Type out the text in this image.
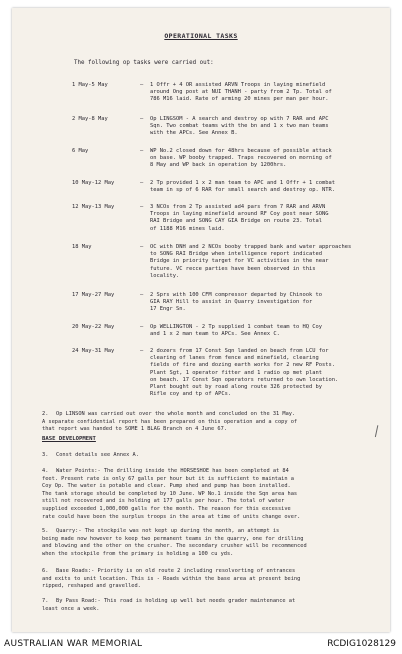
OPERATIONAL TASKS
The following op tasks were carried out:
1 May-5 May	– 1 Offr + 4 OR assisted ARVN Troops in laying minefield
around Ong post at NUI THANH - party from 2 Tp. Total of
786 M16 laid. Rate of arming 20 mines per man per hour.
2 May-8 May	– Op LINGSOM - A search and destroy op with 7 RAR and APC
Sqn. Two combat teams with the bn and 1 x two man teams
with the APCs. See Annex B.
6 May	– WP No.2 closed down for 48hrs because of possible attack
on base. WP booby trapped. Traps recovered on morning of
8 May and WP back in operation by 1200hrs.
10 May-12 May	– 2 Tp provided 1 x 2 man team to APC and 1 Offr + 1 combat
team in sp of 6 RAR for small search and destroy op. NTR.
12 May-13 May	– 3 NCOs from 2 Tp assisted ad4 pars from 7 RAR and ARVN
Troops in laying minefield around RF Coy post near SONG
RAI Bridge and SONG CAY GIA Bridge on route 23. Total
of 1188 M16 mines laid.
18 May	– OC with DNH and 2 NCOs booby trapped bank and water approaches
to SONG RAI Bridge when intelligence report indicated
Bridge in priority target for VC activities in the near
future. VC recce parties have been observed in this
locality.
17 May-27 May	– 2 Sprs with 100 CFM compressor departed by Chinook to
GIA RAY Hill to assist in Quarry investigation for
17 Engr Sn.
20 May-22 May	– Op WELLINGTON - 2 Tp supplied 1 combat team to HQ Coy
and 1 x 2 man team to APCs. See Annex C.
24 May-31 May	– 2 dozers from 17 Const Sqn landed on beach from LCU for
clearing of lanes from fence and minefield, clearing
fields of fire and dozing earth works for 2 new RF Posts.
Plant Sgt, 1 operator fitter and 1 radio op met plant
on beach. 17 Const Sqn operators returned to own location.
Plant bought out by road along route 326 protected by
Rifle coy and tp of APCs.
Op LINSON was carried out over the whole month and concluded on the 31 May.
A separate confidential report has been prepared on this operation and a copy of
that report was handed to SOME 1 BLAG Branch on 4 June 67.
2.
BASE DEVELOPMENT
Const details see Annex A.
3.
Water Points:- The drilling inside the HORSESHOE has been completed at 84
feet. Present rate is only 67 galls per hour but it is sufficient to maintain a
Coy Op. The water is potable and clear. Pump shed and pump has been installed.
The tank storage should be completed by 10 June. WP No.1 inside the Sqn area has
still not recovered and is holding at 177 galls per hour. The total of water
supplied exceeded 1,000,000 galls for the month. The reason for this excessive
rate could have been the surplus troops in the area at time of units change over.
4.
Quarry:- The stockpile was not kept up during the month, an attempt is
being made now however to keep two permanent teams in the quarry, one for drilling
and blowing and the other on the crusher. The secondary crusher will be recommenced
when the stockpile from the primary is holding a 100 cu yds.
5.
Base Roads:- Priority is on old route 2 including resolvorting of entrances
and exits to unit location. This is - Roads within the base area at present being
ripped, reshaped and gravelled.
6.
By Pass Road:- This road is holding up well but needs grader maintenance at
least once a week.
7.
AUSTRALIAN WAR MEMORIAL	RCDIG1028129
